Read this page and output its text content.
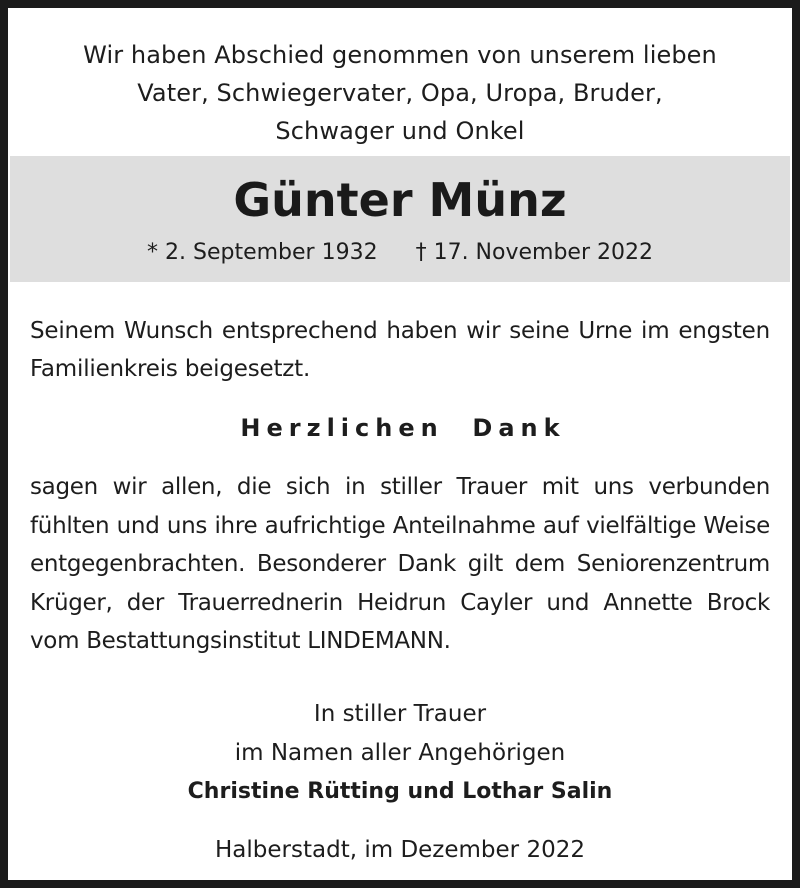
Wir haben Abschied genommen von unserem lieben
Vater, Schwiegervater, Opa, Uropa, Bruder,
Schwager und Onkel
Günter Münz
* 2. September 1932 † 17. November 2022
Seinem Wunsch entsprechend haben wir seine Urne im engsten Familienkreis beigesetzt.
Herzlichen  Dank
sagen wir allen, die sich in stiller Trauer mit uns verbunden fühlten und uns ihre aufrichtige Anteilnahme auf vielfältige Weise entgegenbrachten. Besonderer Dank gilt dem Seniorenzentrum Krüger, der Trauerrednerin Heidrun Cayler und Annette Brock vom Bestattungsinstitut LINDEMANN.
In stiller Trauer
im Namen aller Angehörigen
Christine Rütting und Lothar Salin
Halberstadt, im Dezember 2022
